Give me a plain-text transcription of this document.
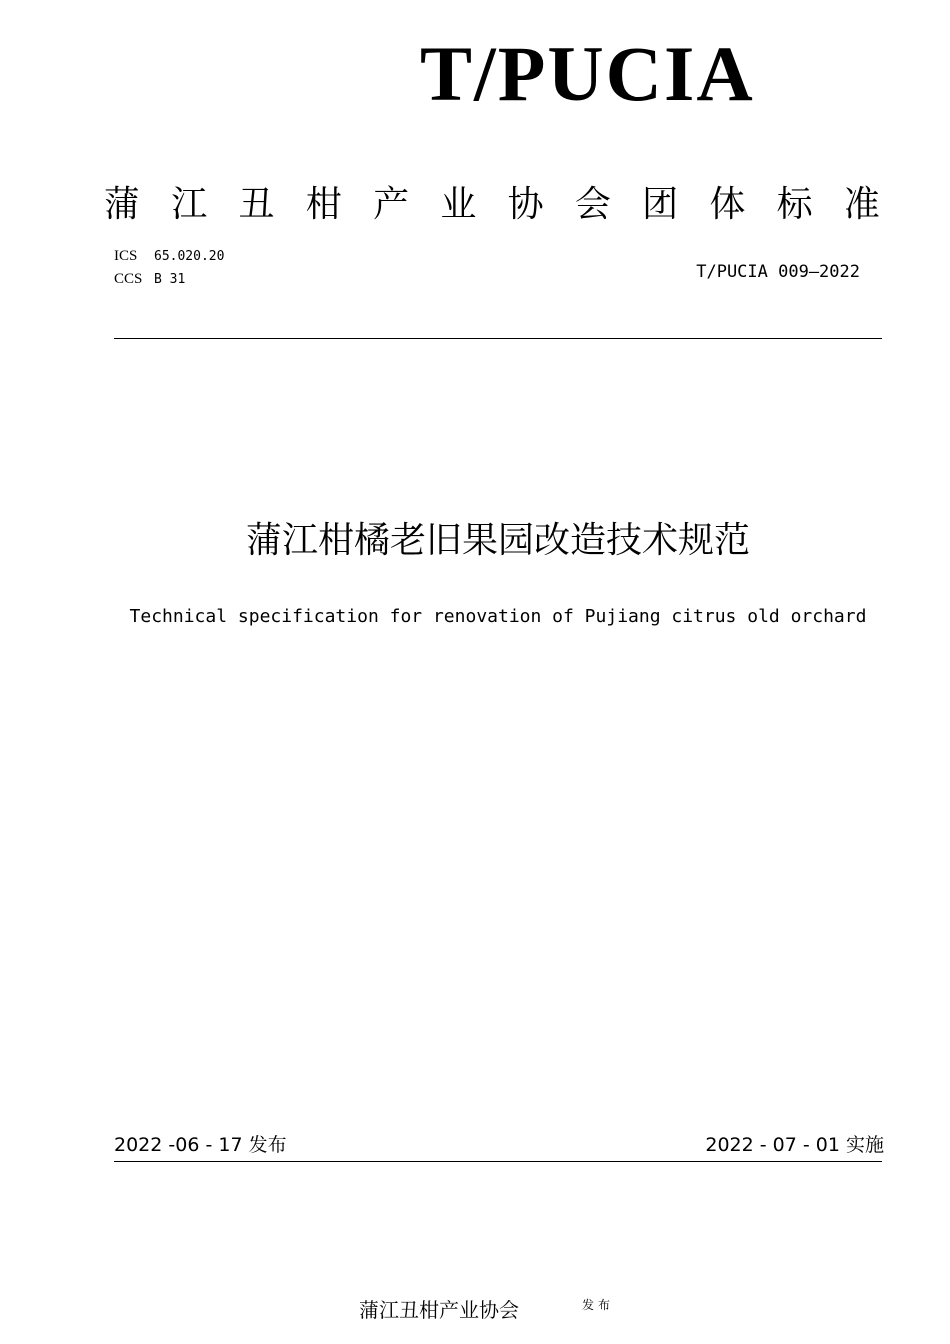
T/PUCIA
蒲 江 丑 柑 产 业 协 会 团 体 标 准
ICS 65.020.20
CCS B 31	T/PUCIA 009—2022
蒲江柑橘老旧果园改造技术规范
Technical specification for renovation of Pujiang citrus old orchard
2022 -06 - 17 发布	2022 - 07 - 01 实施
蒲江丑柑产业协会	发布
